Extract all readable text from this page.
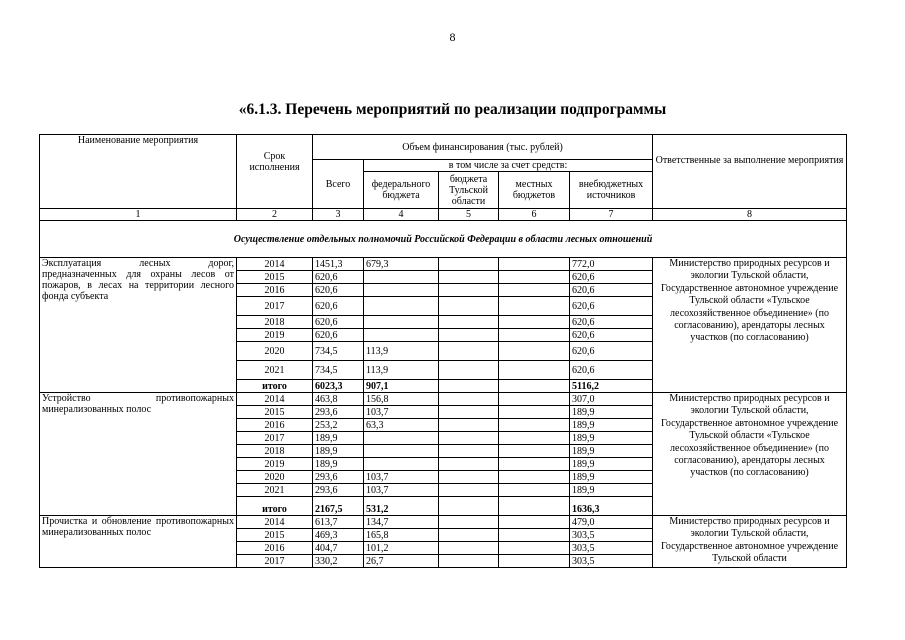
8
«6.1.3. Перечень мероприятий по реализации подпрограммы
Наименование мероприятия	Срок исполнения	Объем финансирования (тыс. рублей)					Ответственные за выполнение мероприятия
		Всего	в том числе за счет средств:				
			федерального бюджета	бюджета Тульской области	местных бюджетов	внебюджетных источников	
1	2	3	4	5	6	7	8
Осуществление отдельных полномочий Российской Федерации в области лесных отношений							
Эксплуатация лесных дорог, предназначенных для охраны лесов от пожаров, в лесах на территории лесного фонда субъекта	2014	1451,3	679,3			772,0	Министерство природных ресурсов и экологии Тульской области, Государственное автономное учреждение Тульской области «Тульское лесохозяйственное объединение» (по согласованию), арендаторы лесных участков (по согласованию)
	2015	620,6				620,6	
	2016	620,6				620,6	
	2017	620,6				620,6	
	2018	620,6				620,6	
	2019	620,6				620,6	
	2020	734,5	113,9			620,6	
	2021	734,5	113,9			620,6	
	итого	6023,3	907,1			5116,2	
Устройство противопожарных минерализованных полос	2014	463,8	156,8			307,0	Министерство природных ресурсов и экологии Тульской области, Государственное автономное учреждение Тульской области «Тульское лесохозяйственное объединение» (по согласованию), арендаторы лесных участков (по согласованию)
	2015	293,6	103,7			189,9	
	2016	253,2	63,3			189,9	
	2017	189,9				189,9	
	2018	189,9				189,9	
	2019	189,9				189,9	
	2020	293,6	103,7			189,9	
	2021	293,6	103,7			189,9	
	итого	2167,5	531,2			1636,3	
Прочистка и обновление противопожарных минерализованных полос	2014	613,7	134,7			479,0	Министерство природных ресурсов и экологии Тульской области, Государственное автономное учреждение Тульской области
	2015	469,3	165,8			303,5	
	2016	404,7	101,2			303,5	
	2017	330,2	26,7			303,5	
